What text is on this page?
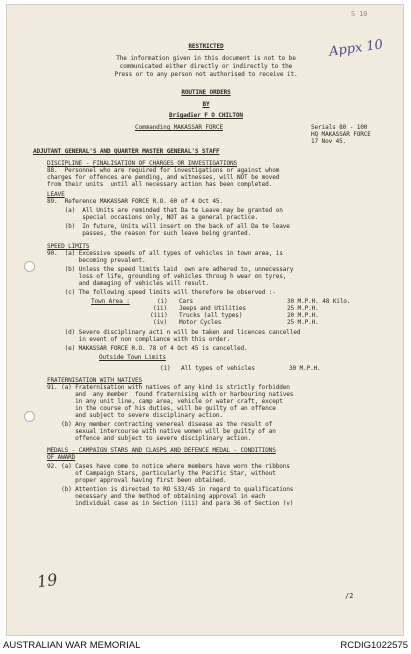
S 10
Appx 10
RESTRICTED
The information given in this document is not to be
communicated either directly or indirectly to the
Press or to any person not authorised to receive it.
ROUTINE ORDERS
BY
Brigadier F O CHILTON
Commanding MAKASSAR FORCE	Serials 80 - 100
HQ MAKASSAR FORCE
17 Nov 45.
ADJUTANT GENERAL'S AND QUARTER MASTER GENERAL'S STAFF
DISCIPLINE - FINALISATION OF CHARGES OR INVESTIGATIONS
88.  Personnel who are required for investigations or against whom
charges for offences are pending, and witnesses, will NOT be moved
from their units  until all necessary action has been completed.
LEAVE
89.  Reference MAKASSAR FORCE R.O. 60 of 4 Oct 45.
(a)  All Units are reminded that Da te Leave may be granted on
special occasions only, NOT as a general practice.
(b)  In future, Units will insert on the back of all Da te leave
passes, the reason for such leave being granted.
SPEED LIMITS
90.  (a) Excessive speeds of all types of vehicles in town area, is
becoming prevalent.
(b) Unless the speed limits laid  own are adhered to, unnecessary
loss of life, grounding of vehicles throug h wear on tyres,
and damaging of vehicles will result.
(c) The following speed limits will therefore be observed :-
Town Area :	(i) Cars	30 M.P.H. 48 Kilo.
(ii) Jeeps and Utilities	25 M.P.H.
(iii) Trucks (all types)	20 M.P.H.
(iv) Motor Cycles	25 M.P.H.
(d) Severe disciplinary acti n will be taken and licences cancelled
in event of non compliance with this order.
(e) MAKASSAR FORCE R.O. 78 of 4 Oct 45 is cancelled.
Outside Town Limits
(i) All types of vehicles	30 M.P.H.
FRATERNISATION WITH NATIVES
91. (a) Fraternisation with natives of any kind is strictly forbidden
and  any member  found fraternising with or harbouring natives
in any unit line, camp area, vehicle or water craft, except
in the course of his duties, will be guilty of an offence
and subject to severe disciplinary action.
(b) Any member contracting venereal disease as the result of
sexual intercourse with native women will be guilty of an
offence and subject to severe disciplinary action.
MEDALS - CAMPAIGN STARS AND CLASPS AND DEFENCE MEDAL - CONDITIONS
OF AWARD
92. (a) Cases have come to notice where members have worn the ribbons
of Campaign Stars, particularly the Pacific Star, without
proper approval having first been obtained.
(b) Attention is directed to RO 533/45 in regard to qualifications
necessary and the method of obtaining approval in each
individual case as in Section (iii) and para 36 of Section (v)
19
/2
AUSTRALIAN WAR MEMORIAL	RCDIG1022575
